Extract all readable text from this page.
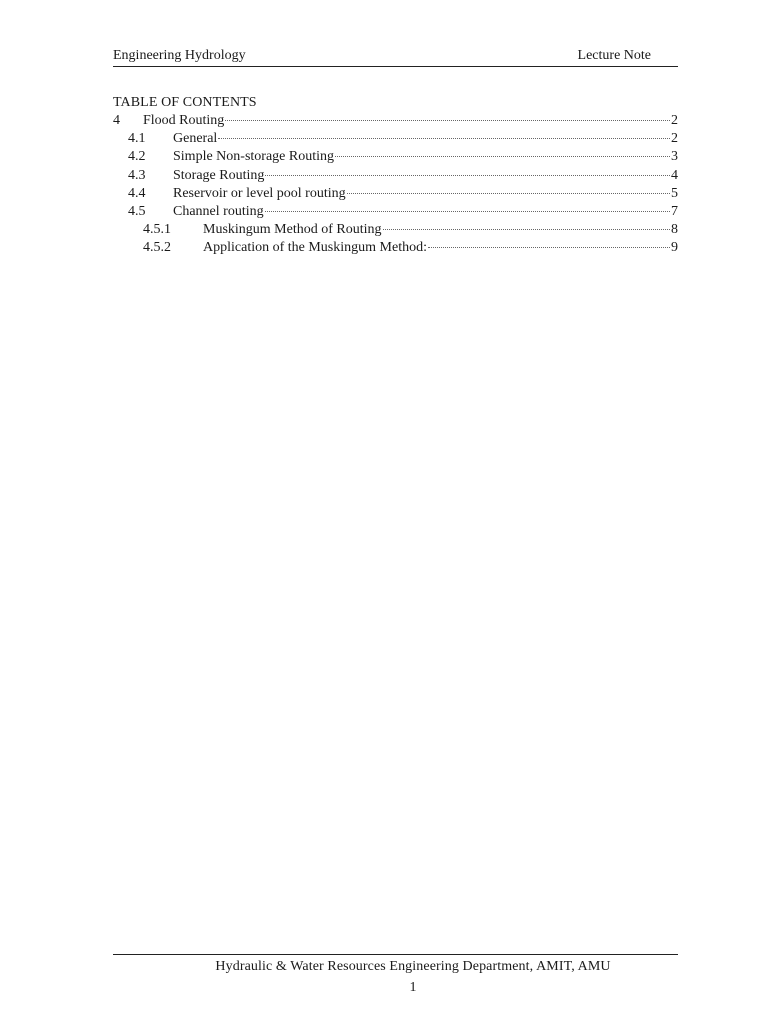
Engineering Hydrology	Lecture Note
TABLE OF CONTENTS
4	Flood Routing	2
4.1	General	2
4.2	Simple Non-storage Routing	3
4.3	Storage Routing	4
4.4	Reservoir or level pool routing	5
4.5	Channel routing	7
4.5.1	Muskingum Method of Routing	8
4.5.2	Application of the Muskingum Method:	9
Hydraulic & Water Resources Engineering Department, AMIT, AMU
1
